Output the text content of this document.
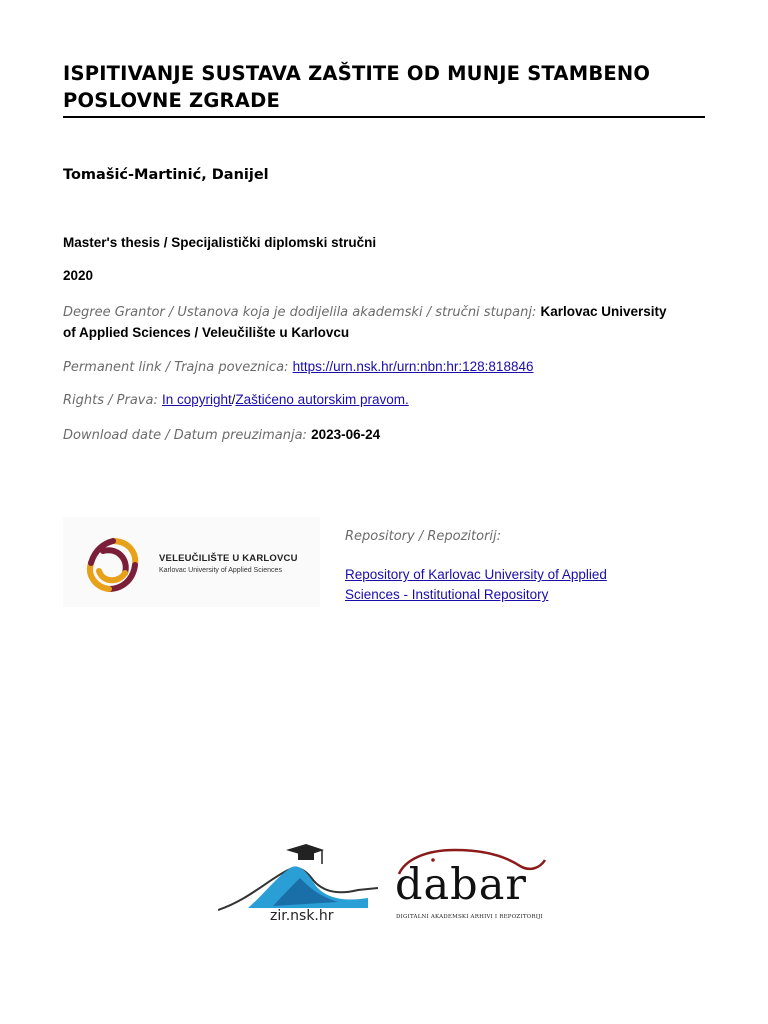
ISPITIVANJE SUSTAVA ZAŠTITE OD MUNJE STAMBENO POSLOVNE ZGRADE
Tomašić-Martinić, Danijel
Master's thesis / Specijalistički diplomski stručni
2020
Degree Grantor / Ustanova koja je dodijelila akademski / stručni stupanj: Karlovac University of Applied Sciences / Veleučilište u Karlovcu
Permanent link / Trajna poveznica: https://urn.nsk.hr/urn:nbn:hr:128:818846
Rights / Prava: In copyright/Zaštićeno autorskim pravom.
Download date / Datum preuzimanja: 2023-06-24
VELEUČILIŠTE U KARLOVCU
Karlovac University of Applied Sciences
Repository / Repozitorij:
Repository of Karlovac University of Applied Sciences - Institutional Repository
zir.nsk.hr
dabar
DIGITALNI AKADEMSKI ARHIVI I REPOZITORIJI
